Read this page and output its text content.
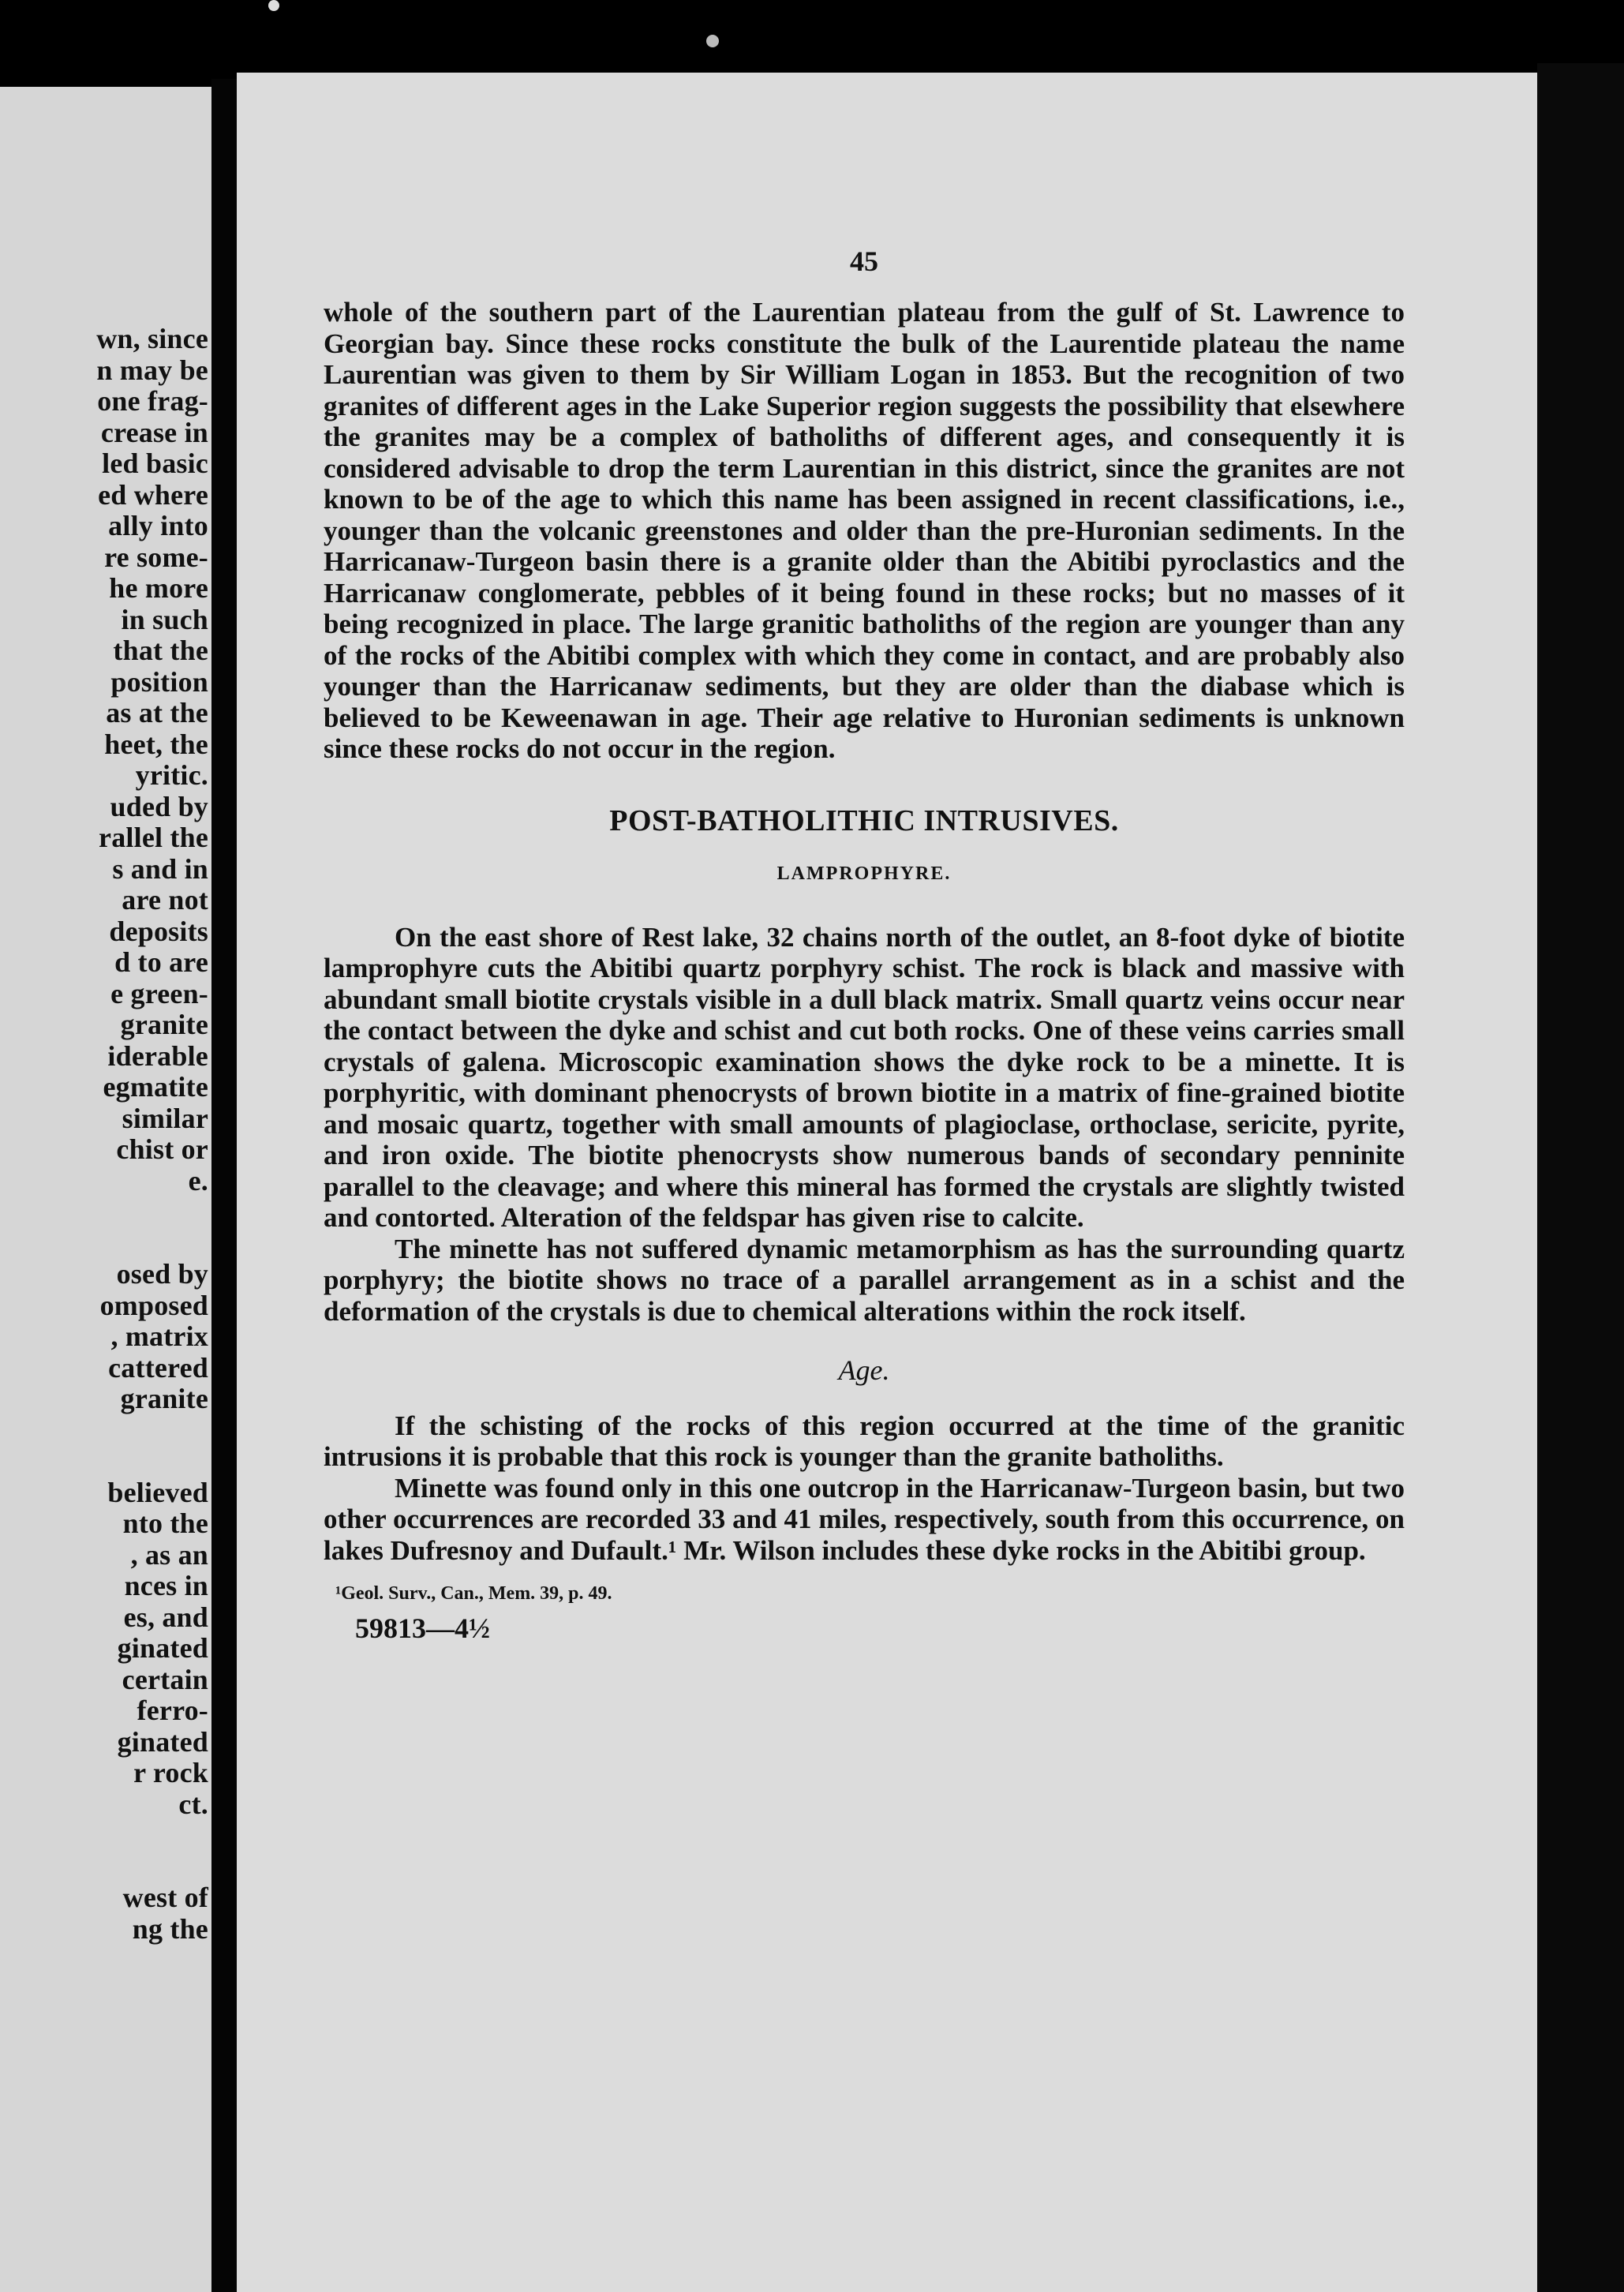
wn, since
n may be
one frag-
crease in
led basic
ed where
ally into
re some-
he more
in such
that the
position
as at the
heet, the
yritic.
uded by
rallel the
s and in
are not
deposits
d to are
e green-
granite
iderable
egmatite
similar
chist or
e.
osed by
omposed
, matrix
cattered
granite
believed
nto the
, as an
nces in
es, and
ginated
certain
ferro-
ginated
r rock
ct.
west of
ng the
45

whole of the southern part of the Laurentian plateau from the gulf of St. Lawrence to Georgian bay. Since these rocks constitute the bulk of the Laurentide plateau the name Laurentian was given to them by Sir William Logan in 1853. But the recognition of two granites of different ages in the Lake Superior region suggests the possibility that elsewhere the granites may be a complex of batholiths of different ages, and consequently it is considered advisable to drop the term Laurentian in this district, since the granites are not known to be of the age to which this name has been assigned in recent classifications, i.e., younger than the volcanic greenstones and older than the pre-Huronian sediments. In the Harricanaw-Turgeon basin there is a granite older than the Abitibi pyroclastics and the Harricanaw conglomerate, pebbles of it being found in these rocks; but no masses of it being recognized in place. The large granitic batholiths of the region are younger than any of the rocks of the Abitibi complex with which they come in contact, and are probably also younger than the Harricanaw sediments, but they are older than the diabase which is believed to be Keweenawan in age. Their age relative to Huronian sediments is unknown since these rocks do not occur in the region.

POST-BATHOLITHIC INTRUSIVES.
LAMPROPHYRE.

On the east shore of Rest lake, 32 chains north of the outlet, an 8-foot dyke of biotite lamprophyre cuts the Abitibi quartz porphyry schist. The rock is black and massive with abundant small biotite crystals visible in a dull black matrix. Small quartz veins occur near the contact between the dyke and schist and cut both rocks. One of these veins carries small crystals of galena. Microscopic examination shows the dyke rock to be a minette. It is porphyritic, with dominant phenocrysts of brown biotite in a matrix of fine-grained biotite and mosaic quartz, together with small amounts of plagioclase, orthoclase, sericite, pyrite, and iron oxide. The biotite phenocrysts show numerous bands of secondary penninite parallel to the cleavage; and where this mineral has formed the crystals are slightly twisted and contorted. Alteration of the feldspar has given rise to calcite.

The minette has not suffered dynamic metamorphism as has the surrounding quartz porphyry; the biotite shows no trace of a parallel arrangement as in a schist and the deformation of the crystals is due to chemical alterations within the rock itself.

Age.

If the schisting of the rocks of this region occurred at the time of the granitic intrusions it is probable that this rock is younger than the granite batholiths.

Minette was found only in this one outcrop in the Harricanaw-Turgeon basin, but two other occurrences are recorded 33 and 41 miles, respectively, south from this occurrence, on lakes Dufresnoy and Dufault.¹ Mr. Wilson includes these dyke rocks in the Abitibi group.

¹Geol. Surv., Can., Mem. 39, p. 49.
59813—4½
